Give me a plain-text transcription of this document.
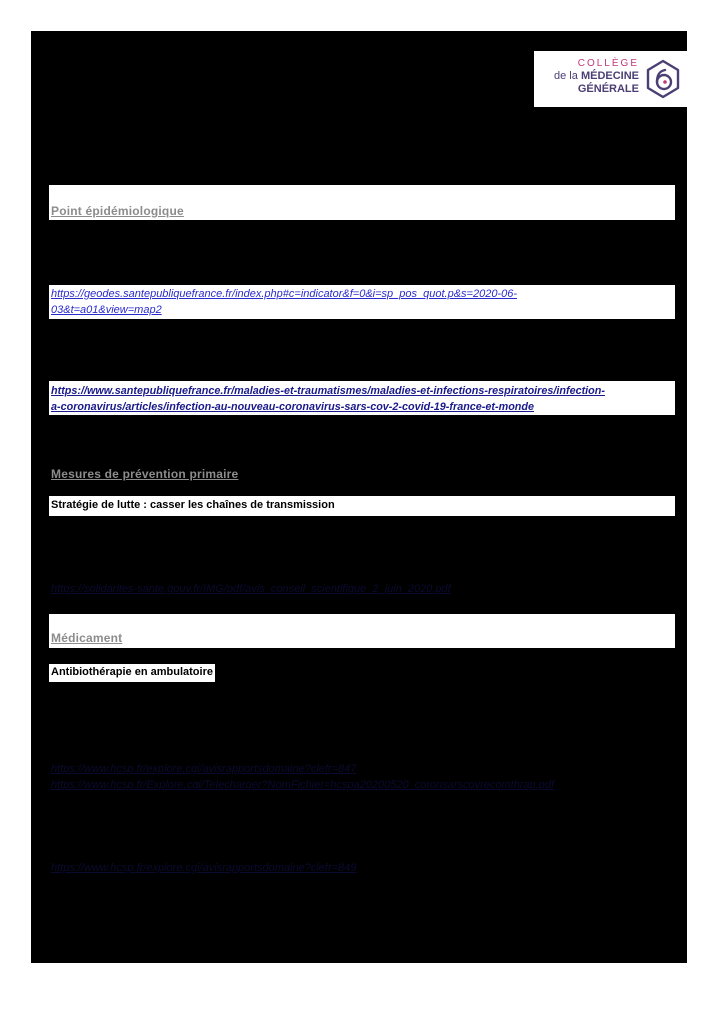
COLLÈGE
de la MÉDECINE
GÉNÉRALE
Point épidémiologique
https://geodes.santepubliquefrance.fr/index.php#c=indicator&f=0&i=sp_pos_quot.p&s=2020-06-
03&t=a01&view=map2
https://www.santepubliquefrance.fr/maladies-et-traumatismes/maladies-et-infections-respiratoires/infection-
a-coronavirus/articles/infection-au-nouveau-coronavirus-sars-cov-2-covid-19-france-et-monde
Mesures de prévention primaire
Stratégie de lutte : casser les chaînes de transmission
https://solidarites-sante.gouv.fr/IMG/pdf/avis_conseil_scientifique_2_juin_2020.pdf
Médicament
Antibiothérapie en ambulatoire
https://www.hcsp.fr/explore.cgi/avisrapportsdomaine?clefr=847
https://www.hcsp.fr/Explore.cgi/Telecharger?NomFichier=hcspa20200520_coronsarscovrecomthrap.pdf
https://www.hcsp.fr/explore.cgi/avisrapportsdomaine?clefr=849
